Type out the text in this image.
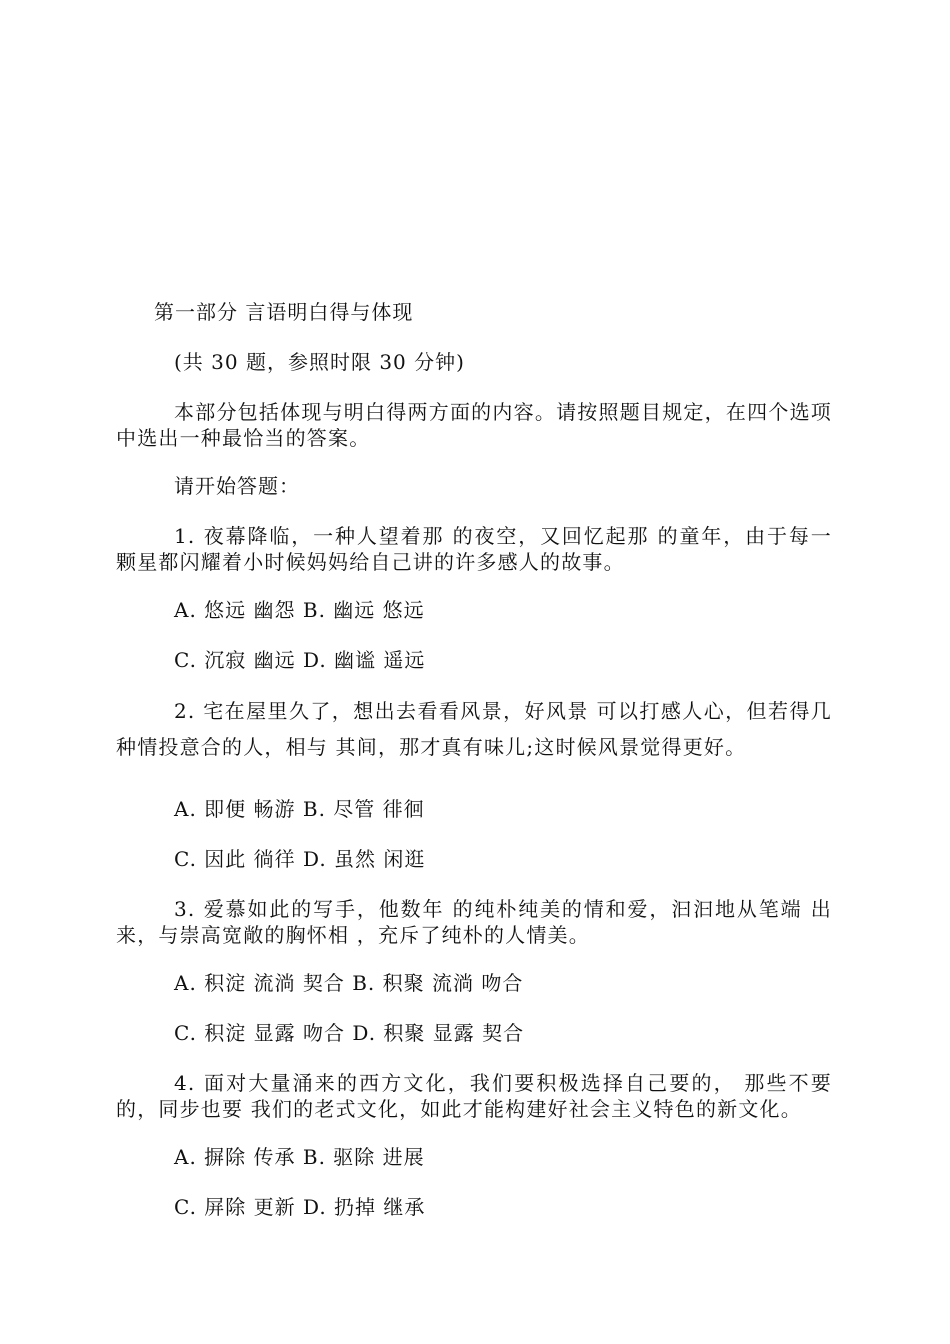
第一部分 言语明白得与体现
(共 30 题，参照时限 30 分钟)
本部分包括体现与明白得两方面的内容。请按照题目规定，在四个选项中选出一种最恰当的答案。
请开始答题：
1. 夜幕降临，一种人望着那 的夜空，又回忆起那 的童年，由于每一颗星都闪耀着小时候妈妈给自己讲的许多感人的故事。
A. 悠远 幽怨 B. 幽远 悠远
C. 沉寂 幽远 D. 幽谧 遥远
2. 宅在屋里久了，想出去看看风景，好风景 可以打感人心，但若得几种情投意合的人，相与 其间，那才真有味儿;这时候风景觉得更好。
A. 即便 畅游 B. 尽管 徘徊
C. 因此 徜徉 D. 虽然 闲逛
3. 爱慕如此的写手，他数年 的纯朴纯美的情和爱，汩汩地从笔端 出来，与崇高宽敞的胸怀相 ，充斥了纯朴的人情美。
A. 积淀 流淌 契合 B. 积聚 流淌 吻合
C. 积淀 显露 吻合 D. 积聚 显露 契合
4. 面对大量涌来的西方文化，我们要积极选择自己要的， 那些不要的，同步也要 我们的老式文化，如此才能构建好社会主义特色的新文化。
A. 摒除 传承 B. 驱除 进展
C. 屏除 更新 D. 扔掉 继承
